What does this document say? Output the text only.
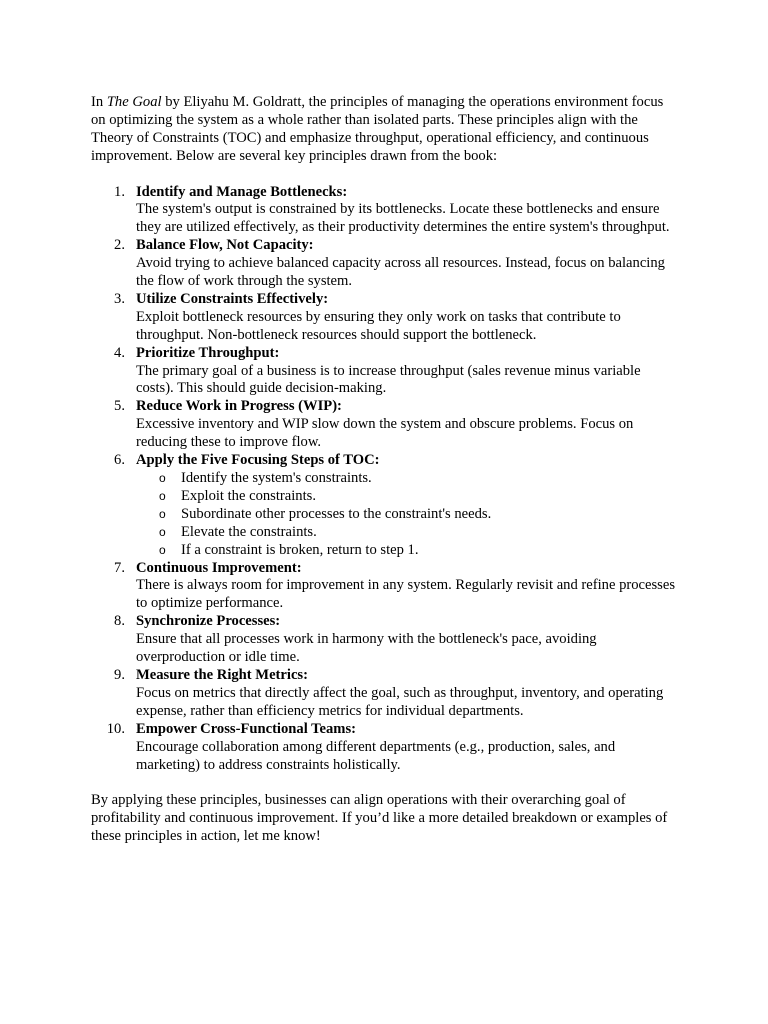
In The Goal by Eliyahu M. Goldratt, the principles of managing the operations environment focus on optimizing the system as a whole rather than isolated parts. These principles align with the Theory of Constraints (TOC) and emphasize throughput, operational efficiency, and continuous improvement. Below are several key principles drawn from the book:

1. Identify and Manage Bottlenecks:
The system's output is constrained by its bottlenecks. Locate these bottlenecks and ensure they are utilized effectively, as their productivity determines the entire system's throughput.
2. Balance Flow, Not Capacity:
Avoid trying to achieve balanced capacity across all resources. Instead, focus on balancing the flow of work through the system.
3. Utilize Constraints Effectively:
Exploit bottleneck resources by ensuring they only work on tasks that contribute to throughput. Non-bottleneck resources should support the bottleneck.
4. Prioritize Throughput:
The primary goal of a business is to increase throughput (sales revenue minus variable costs). This should guide decision-making.
5. Reduce Work in Progress (WIP):
Excessive inventory and WIP slow down the system and obscure problems. Focus on reducing these to improve flow.
6. Apply the Five Focusing Steps of TOC:
o Identify the system's constraints.
o Exploit the constraints.
o Subordinate other processes to the constraint's needs.
o Elevate the constraints.
o If a constraint is broken, return to step 1.
7. Continuous Improvement:
There is always room for improvement in any system. Regularly revisit and refine processes to optimize performance.
8. Synchronize Processes:
Ensure that all processes work in harmony with the bottleneck's pace, avoiding overproduction or idle time.
9. Measure the Right Metrics:
Focus on metrics that directly affect the goal, such as throughput, inventory, and operating expense, rather than efficiency metrics for individual departments.
10. Empower Cross-Functional Teams:
Encourage collaboration among different departments (e.g., production, sales, and marketing) to address constraints holistically.

By applying these principles, businesses can align operations with their overarching goal of profitability and continuous improvement. If you’d like a more detailed breakdown or examples of these principles in action, let me know!
